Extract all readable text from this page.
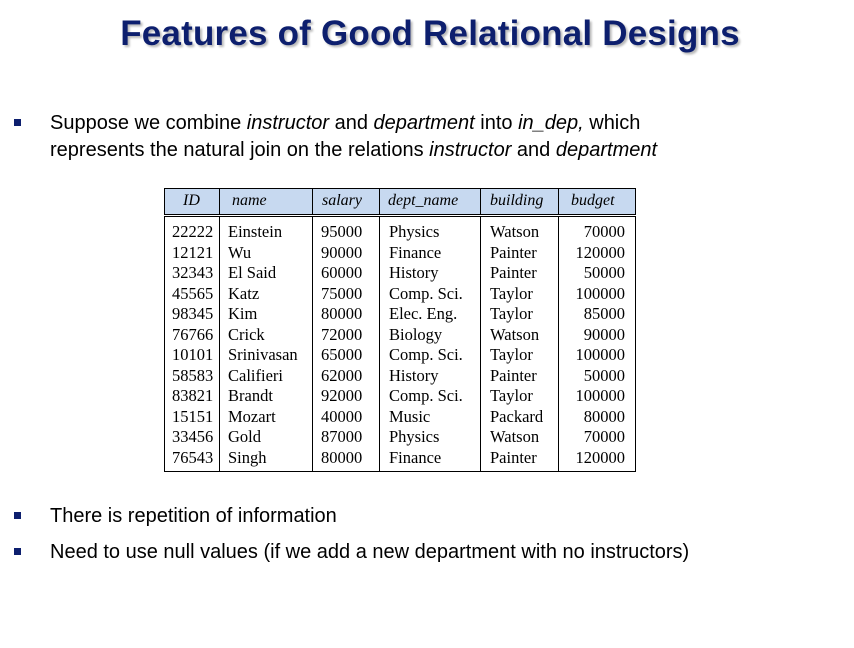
Features of Good Relational Designs
Suppose we combine instructor and department into in_dep, which
represents the natural join on the relations instructor and department
ID name	salary dept_name building budget
22222
12121
32343
45565
98345
76766
10101
58583
83821
15151
33456
76543
Einstein
Wu
El Said
Katz
Kim
Crick
Srinivasan
Califieri
Brandt
Mozart
Gold
Singh
95000
90000
60000
75000
80000
72000
65000
62000
92000
40000
87000
80000
Physics
Finance
History
Comp. Sci.
Elec. Eng.
Biology
Comp. Sci.
History
Comp. Sci.
Music
Physics
Finance
Watson
Painter
Painter
Taylor
Taylor
Watson
Taylor
Painter
Taylor
Packard
Watson
Painter
70000
120000
50000
100000
85000
90000
100000
50000
100000
80000
70000
120000
There is repetition of information
Need to use null values (if we add a new department with no instructors)
